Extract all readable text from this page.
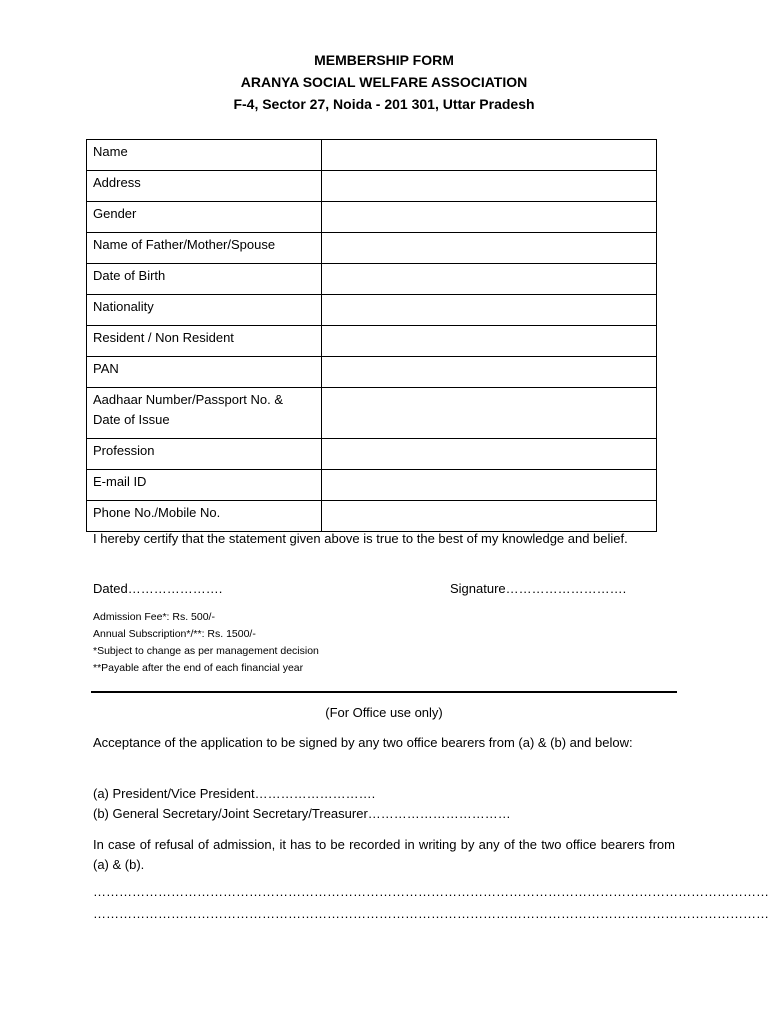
MEMBERSHIP FORM
ARANYA SOCIAL WELFARE ASSOCIATION
F-4, Sector 27, Noida - 201 301, Uttar Pradesh
Name	
Address	
Gender	
Name of Father/Mother/Spouse	
Date of Birth	
Nationality	
Resident / Non Resident	
PAN	
Aadhaar Number/Passport No. &
Date of Issue	
Profession	
E-mail ID	
Phone No./Mobile No.	
I hereby certify that the statement given above is true to the best of my knowledge and belief.
Dated………………….	Signature……………………….
Admission Fee*: Rs. 500/-
Annual Subscription*/**: Rs. 1500/-
*Subject to change as per management decision
**Payable after the end of each financial year
(For Office use only)
Acceptance of the application to be signed by any two office bearers from (a) & (b) and below:
(a) President/Vice President……………………….
(b) General Secretary/Joint Secretary/Treasurer……………………………
In case of refusal of admission, it has to be recorded in writing by any of the two office bearers from (a) & (b).
…………………………………………………………………………………………………………………………………………
…………………………………………………………………………………………………………………………………………
